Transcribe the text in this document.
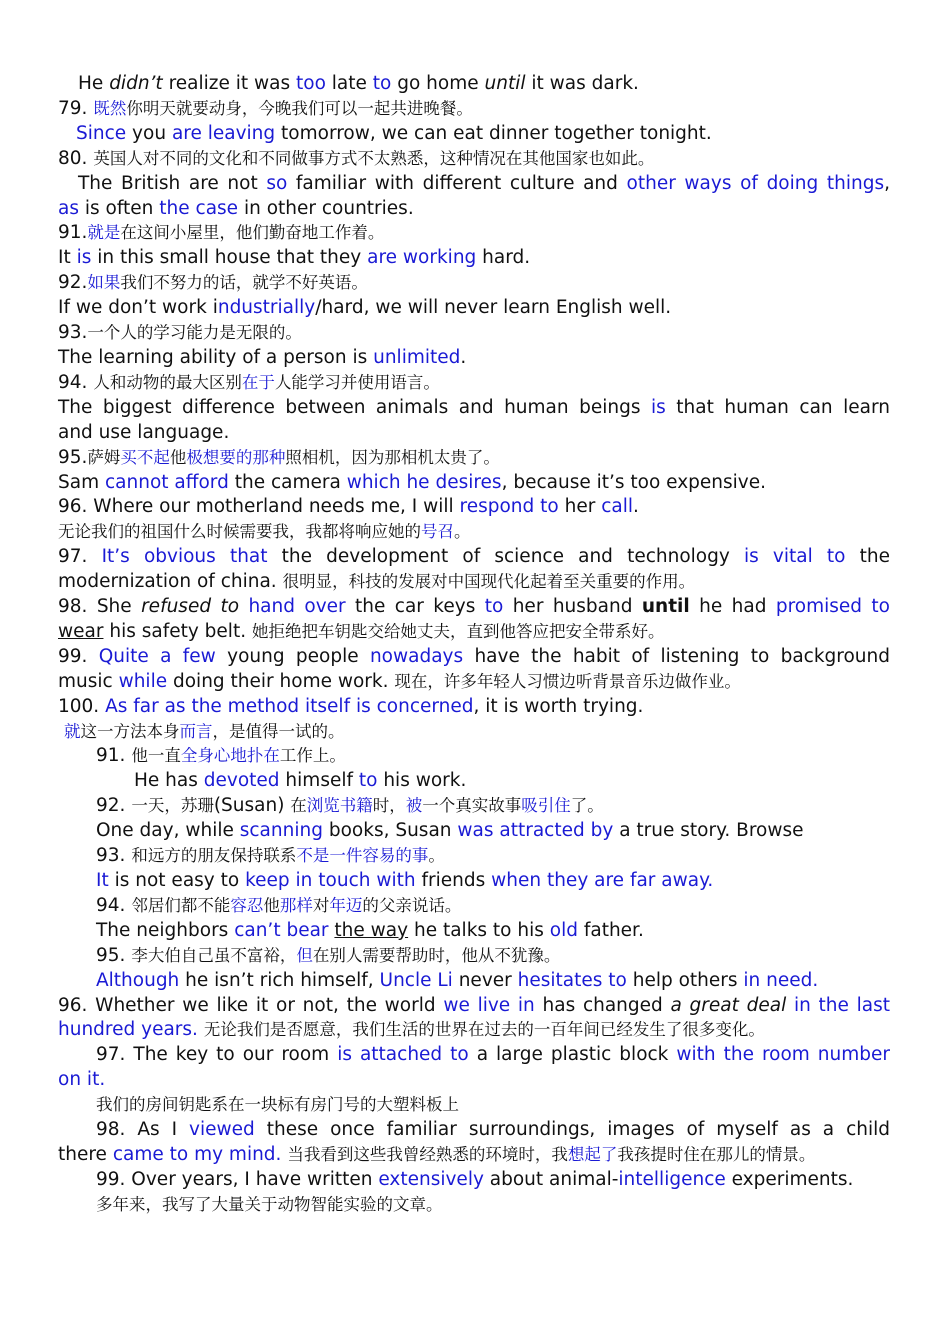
He didn’t realize it was too late to go home until it was dark.
79. 既然你明天就要动身，今晚我们可以一起共进晚餐。
Since you are leaving tomorrow, we can eat dinner together tonight.
80. 英国人对不同的文化和不同做事方式不太熟悉，这种情况在其他国家也如此。
The British are not so familiar with different culture and other ways of doing things,
as is often the case in other countries.
91.就是在这间小屋里，他们勤奋地工作着。
It is in this small house that they are working hard.
92.如果我们不努力的话，就学不好英语。
If we don’t work industrially/hard, we will never learn English well.
93.一个人的学习能力是无限的。
The learning ability of a person is unlimited.
94. 人和动物的最大区别在于人能学习并使用语言。
The biggest difference between animals and human beings is that human can learn
and use language.
95.萨姆买不起他极想要的那种照相机，因为那相机太贵了。
Sam cannot afford the camera which he desires, because it’s too expensive.
96. Where our motherland needs me, I will respond to her call.
无论我们的祖国什么时候需要我，我都将响应她的号召。
97. It’s obvious that the development of science and technology is vital to the
modernization of china. 很明显，科技的发展对中国现代化起着至关重要的作用。
98. She refused to hand over the car keys to her husband until he had promised to
wear his safety belt. 她拒绝把车钥匙交给她丈夫，直到他答应把安全带系好。
99. Quite a few young people nowadays have the habit of listening to background
music while doing their home work. 现在，许多年轻人习惯边听背景音乐边做作业。
100. As far as the method itself is concerned, it is worth trying.
就这一方法本身而言，是值得一试的。
91. 他一直全身心地扑在工作上。
He has devoted himself to his work.
92. 一天，苏珊(Susan) 在浏览书籍时，被一个真实故事吸引住了。
One day, while scanning books, Susan was attracted by a true story. Browse
93. 和远方的朋友保持联系不是一件容易的事。
It is not easy to keep in touch with friends when they are far away.
94. 邻居们都不能容忍他那样对年迈的父亲说话。
The neighbors can’t bear the way he talks to his old father.
95. 李大伯自己虽不富裕，但在别人需要帮助时，他从不犹豫。
Although he isn’t rich himself, Uncle Li never hesitates to help others in need.
96. Whether we like it or not, the world we live in has changed a great deal in the last
hundred years. 无论我们是否愿意，我们生活的世界在过去的一百年间已经发生了很多变化。
97. The key to our room is attached to a large plastic block with the room number
on it.
我们的房间钥匙系在一块标有房门号的大塑料板上
98. As I viewed these once familiar surroundings, images of myself as a child
there came to my mind. 当我看到这些我曾经熟悉的环境时，我想起了我孩提时住在那儿的情景。
99. Over years, I have written extensively about animal-intelligence experiments.
多年来，我写了大量关于动物智能实验的文章。
